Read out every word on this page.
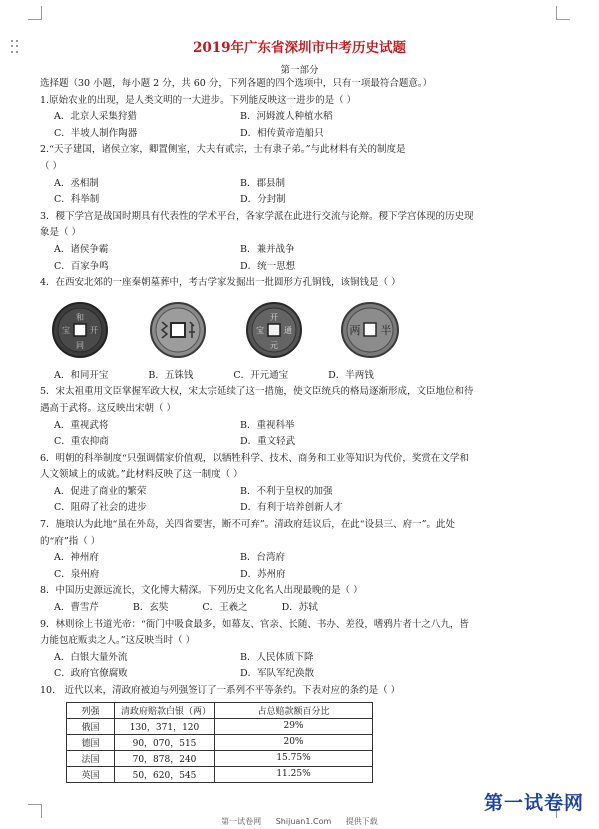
2019年广东省深圳市中考历史试题
第一部分
选择题（30 小题，每小题 2 分，共 60 分，下列各题的四个选项中，只有一项最符合题意。）
1.原始农业的出现，是人类文明的一大进步。下列能反映这一进步的是（ ）
A．北京人采集狩猎	B．河姆渡人种植水稻
C．半坡人制作陶器	D．相传黄帝造船只
2.“天子建国，诸侯立家，卿置侧室，大夫有贰宗，士有隶子弟。”与此材料有关的制度是
（ ）
A．丞相制	B．郡县制
C．科举制	D．分封制
3．稷下学宫是战国时期具有代表性的学术平台，各家学派在此进行交流与论辩。稷下学宫体现的历史现
象是（ ）
A．诸侯争霸	B．兼并战争
C．百家争鸣	D．统一思想
4．在西安北郊的一座秦朝墓葬中，考古学家发掘出一批圆形方孔铜钱，该铜钱是（ ）
和
同
开
宝
开
元
通
宝	半
两
A．和同开宝	B．五铢钱	C．开元通宝	D．半两钱
5．宋太祖重用文臣掌握军政大权，宋太宗延续了这一措施，使文臣统兵的格局逐渐形成，文臣地位和待
遇高于武将。这反映出宋朝（ ）
A．重视武将	B．重视科举
C．重农抑商	D．重文轻武
6．明朝的科举制度“只强调儒家价值观，以牺牲科学、技术、商务和工业等知识为代价，奖赏在文学和
人文领域上的成就。”此材料反映了这一制度（ ）
A．促进了商业的繁荣	B．不利于皇权的加强
C．阻碍了社会的进步	D．有利于培养创新人才
7．施琅认为此地“虽在外岛，关四省要害，断不可弃”。清政府廷议后，在此“设县三、府一”。此处
的“府”指（ ）
A．神州府	B．台湾府
C．泉州府	D．苏州府
8．中国历史源远流长，文化博大精深。下列历史文化名人出现最晚的是（ ）
A．曹雪芹	B．玄奘	C．王羲之	D．苏轼
9．林则徐上书道光帝：“衙门中吸食最多，如幕友、官亲、长随、书办、差役，嗜鸦片者十之八九，皆
力能包庇贩卖之人。”这反映当时（ ）
A．白银大量外流	B．人民体质下降
C．政府官僚腐败	D．军队军纪涣散
10． 近代以来，清政府被迫与列强签订了一系列不平等条约。下表对应的条约是（ ）
列强	清政府赔款白银（两）	占总赔款额百分比
俄国	130，371，120	29%
德国	90，070，515	20%
法国	70，878，240	15.75%
英国	50，620，545	11.25%
第一试卷网
第一试卷网 Shijuan1.Com 提供下载
